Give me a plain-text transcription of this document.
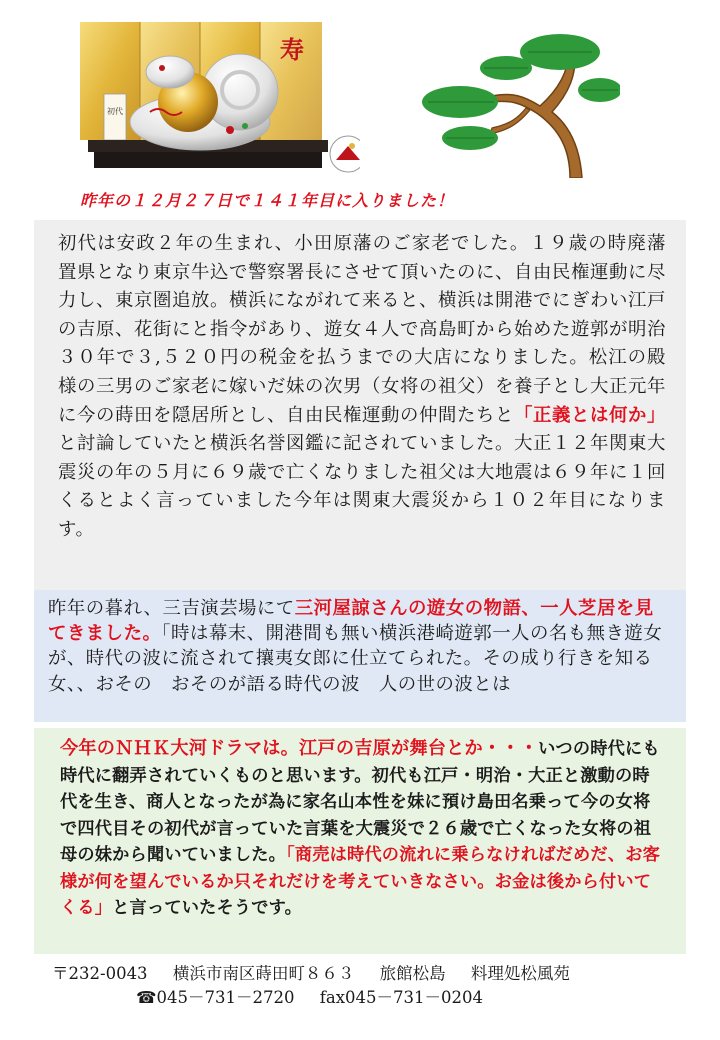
寿
初代
昨年の１２月２７日で１４１年目に入りました！

初代は安政２年の生まれ、小田原藩のご家老でした。１９歳の時廃藩置県となり東京牛込で警察署長にさせて頂いたのに、自由民権運動に尽力し、東京圏追放。横浜にながれて来ると、横浜は開港でにぎわい江戸の吉原、花街にと指令があり、遊女４人で高島町から始めた遊郭が明治３０年で３,５２０円の税金を払うまでの大店になりました。松江の殿様の三男のご家老に嫁いだ妹の次男（女将の祖父）を養子とし大正元年に今の蒔田を隠居所とし、自由民権運動の仲間たちと「正義とは何か」と討論していたと横浜名誉図鑑に記されていました。大正１２年関東大震災の年の５月に６９歳で亡くなりました祖父は大地震は６９年に１回くるとよく言っていました今年は関東大震災から１０２年目になります。

昨年の暮れ、三吉演芸場にて三河屋諒さんの遊女の物語、一人芝居を見てきました。「時は幕末、開港間も無い横浜港崎遊郭一人の名も無き遊女が、時代の波に流されて攘夷女郎に仕立てられた。その成り行きを知る女、、おその　おそのが語る時代の波　人の世の波とは

今年のＮＨＫ大河ドラマは。江戸の吉原が舞台とか・・・いつの時代にも時代に翻弄されていくものと思います。初代も江戸・明治・大正と激動の時代を生き、商人となったが為に家名山本性を妹に預け島田名乗って今の女将で四代目その初代が言っていた言葉を大震災で２６歳で亡くなった女将の祖母の妹から聞いていました。「商売は時代の流れに乗らなければだめだ、お客様が何を望んでいるか只それだけを考えていきなさい。お金は後から付いてくる」と言っていたそうです。

〒232-0043 横浜市南区蒔田町８６３ 旅館松島 料理処松風苑
☎045－731－2720 fax045－731－0204
